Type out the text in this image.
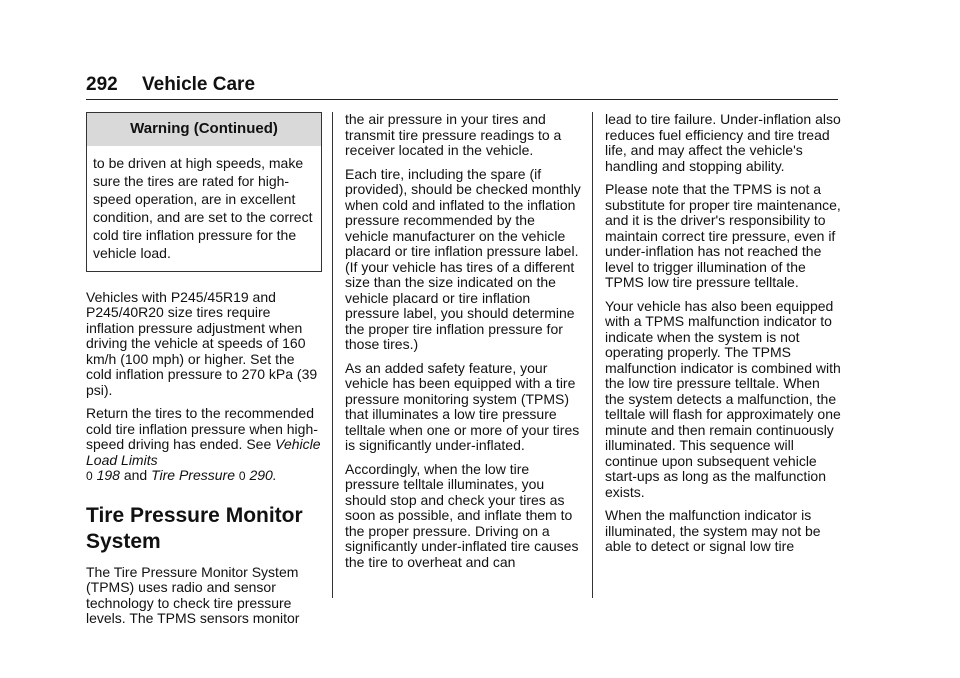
292 Vehicle Care
Warning (Continued)
to be driven at high speeds, make sure the tires are rated for high-speed operation, are in excellent condition, and are set to the correct cold tire inflation pressure for the vehicle load.

Vehicles with P245/45R19 and P245/40R20 size tires require inflation pressure adjustment when driving the vehicle at speeds of 160 km/h (100 mph) or higher. Set the cold inflation pressure to 270 kPa (39 psi).

Return the tires to the recommended cold tire inflation pressure when high-speed driving has ended. See Vehicle Load Limits
0 198 and Tire Pressure 0 290.

Tire Pressure Monitor System

The Tire Pressure Monitor System (TPMS) uses radio and sensor technology to check tire pressure levels. The TPMS sensors monitor

the air pressure in your tires and transmit tire pressure readings to a receiver located in the vehicle.

Each tire, including the spare (if provided), should be checked monthly when cold and inflated to the inflation pressure recommended by the vehicle manufacturer on the vehicle placard or tire inflation pressure label. (If your vehicle has tires of a different size than the size indicated on the vehicle placard or tire inflation pressure label, you should determine the proper tire inflation pressure for those tires.)

As an added safety feature, your vehicle has been equipped with a tire pressure monitoring system (TPMS) that illuminates a low tire pressure telltale when one or more of your tires is significantly under-inflated.

Accordingly, when the low tire pressure telltale illuminates, you should stop and check your tires as soon as possible, and inflate them to the proper pressure. Driving on a significantly under-inflated tire causes the tire to overheat and can

lead to tire failure. Under-inflation also reduces fuel efficiency and tire tread life, and may affect the vehicle's handling and stopping ability.

Please note that the TPMS is not a substitute for proper tire maintenance, and it is the driver's responsibility to maintain correct tire pressure, even if under-inflation has not reached the level to trigger illumination of the TPMS low tire pressure telltale.

Your vehicle has also been equipped with a TPMS malfunction indicator to indicate when the system is not operating properly. The TPMS malfunction indicator is combined with the low tire pressure telltale. When the system detects a malfunction, the telltale will flash for approximately one minute and then remain continuously illuminated. This sequence will continue upon subsequent vehicle start-ups as long as the malfunction exists.

When the malfunction indicator is illuminated, the system may not be able to detect or signal low tire
